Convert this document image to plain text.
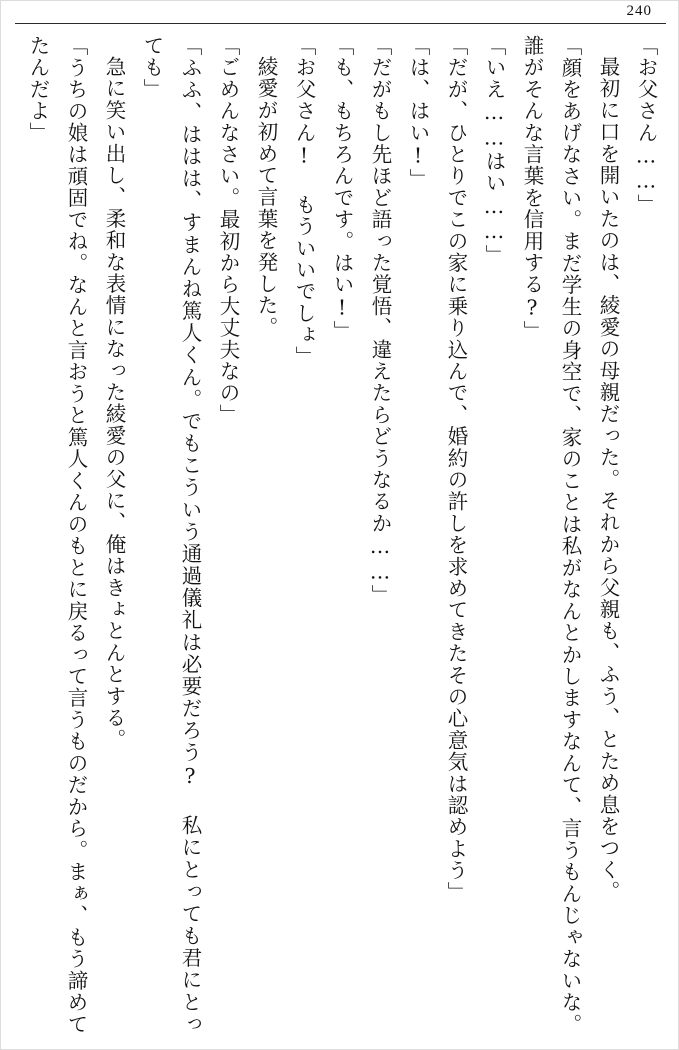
240

「お父さん……」

最初に口を開いたのは、綾愛の母親だった。それから父親も、ふう、とため息をつく。

「顔をあげなさい。まだ学生の身空で、家のことは私がなんとかしますなんて、言うもんじゃないな。誰がそんな言葉を信用する?」

「いえ……はい……」

「だが、ひとりでこの家に乗り込んで、婚約の許しを求めてきたその心意気は認めよう」

「は、はい!」

「だがもし先ほど語った覚悟、違えたらどうなるか……」

「も、もちろんです。はい!」

「お父さん! もういいでしょ」

綾愛が初めて言葉を発した。

「ごめんなさい。最初から大丈夫なの」

「ふふ、ははは、すまんね篤人くん。でもこういう通過儀礼は必要だろう? 私にとっても君にとっても」

急に笑い出し、柔和な表情になった綾愛の父に、俺はきょとんとする。

「うちの娘は頑固でね。なんと言おうと篤人くんのもとに戻るって言うものだから。まぁ、もう諦めてたんだよ」
